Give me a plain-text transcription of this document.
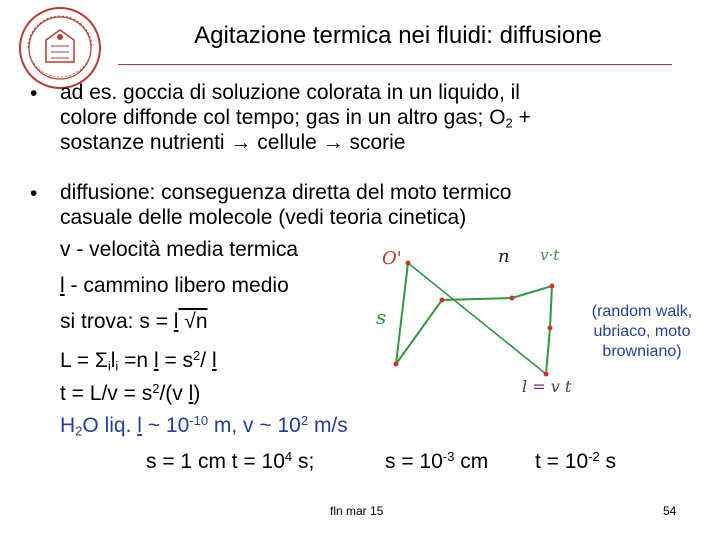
Agitazione termica nei fluidi: diffusione
• ad es. goccia di soluzione colorata in un liquido, il
colore diffonde col tempo; gas in un altro gas; $O_2$ +
sostanze nutrienti → cellule → scorie
• diffusione: conseguenza diretta del moto termico
casuale delle molecole (vedi teoria cinetica)
v - velocità media termica
l - cammino libero medio
si trova: s = l √n
$L = \Sigma_il_i =n$ $l = s^2/$ l
$t = L/v = s^2/(v$ l)
$H_2O$ liq. l ~ $10^{-10}$ m, v ~ $10^2$ m/s
s = 1 cm $t = 10^4$ s;	$s = 10^{-3}$ cm $t = 10^{-2}$ s
(random walk,
ubriaco, moto
browniano)
O'	n
s
v·t
l = v t
fln mar 15	54
